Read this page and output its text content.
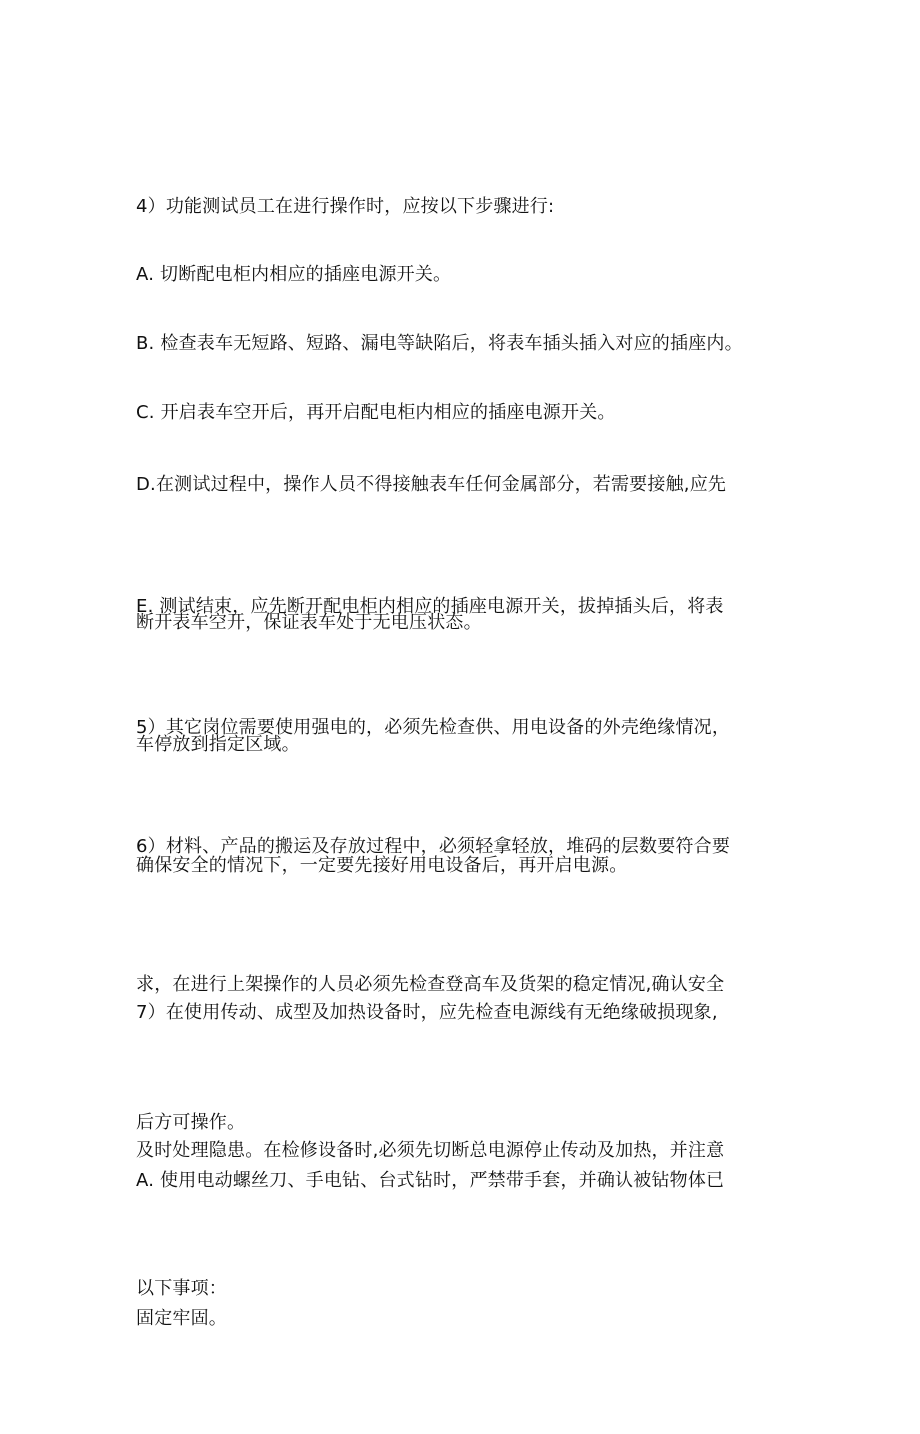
4）功能测试员工在进行操作时，应按以下步骤进行:

A. 切断配电柜内相应的插座电源开关。

B. 检查表车无短路、短路、漏电等缺陷后，将表车插头插入对应的插座内。

C. 开启表车空开后，再开启配电柜内相应的插座电源开关。

D.在测试过程中，操作人员不得接触表车任何金属部分，若需要接触,应先

断开表车空开，保证表车处于无电压状态。

E. 测试结束，应先断开配电柜内相应的插座电源开关，拔掉插头后，将表

车停放到指定区域。

5）其它岗位需要使用强电的，必须先检查供、用电设备的外壳绝缘情况，

确保安全的情况下，一定要先接好用电设备后，再开启电源。

6）材料、产品的搬运及存放过程中，必须轻拿轻放，堆码的层数要符合要

求，在进行上架操作的人员必须先检查登高车及货架的稳定情况,确认安全

后方可操作。

7）在使用传动、成型及加热设备时，应先检查电源线有无绝缘破损现象,

及时处理隐患。在检修设备时,必须先切断总电源停止传动及加热，并注意

以下事项：

A. 使用电动螺丝刀、手电钻、台式钻时，严禁带手套，并确认被钻物体已

固定牢固。
